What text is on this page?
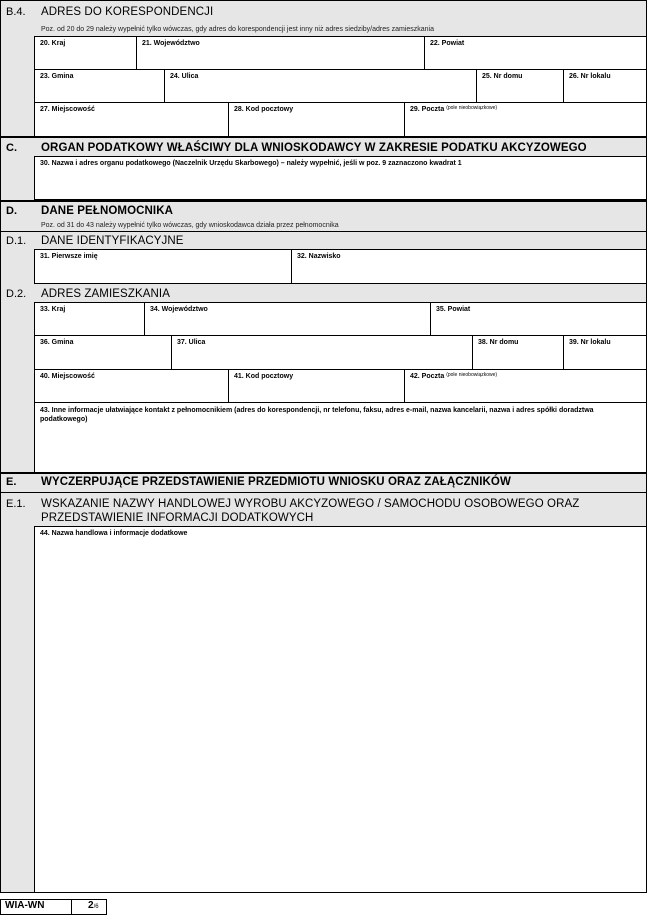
B.4. ADRES DO KORESPONDENCJI
Poz. od 20 do 29 należy wypełnić tylko wówczas, gdy adres do korespondencji jest inny niż adres siedziby/adres zamieszkania
20. Kraj	21. Województwo	22. Powiat
23. Gmina	24. Ulica	25. Nr domu	26. Nr lokalu
27. Miejscowość	28. Kod pocztowy	29. Poczta $^{(pole nieobowiązkowe)}$
C. ORGAN PODATKOWY WŁAŚCIWY DLA WNIOSKODAWCY W ZAKRESIE PODATKU AKCYZOWEGO
30. Nazwa i adres organu podatkowego (Naczelnik Urzędu Skarbowego) – należy wypełnić, jeśli w poz. 9 zaznaczono kwadrat 1
D. DANE PEŁNOMOCNIKA
Poz. od 31 do 43 należy wypełnić tylko wówczas, gdy wnioskodawca działa przez pełnomocnika
D.1. DANE IDENTYFIKACYJNE
31. Pierwsze imię	32. Nazwisko
D.2. ADRES ZAMIESZKANIA
33. Kraj	34. Województwo	35. Powiat
36. Gmina	37. Ulica	38. Nr domu	39. Nr lokalu
40. Miejscowość	41. Kod pocztowy	42. Poczta $^{(pole nieobowiązkowe)}$
43. Inne informacje ułatwiające kontakt z pełnomocnikiem (adres do korespondencji, nr telefonu, faksu, adres e-mail, nazwa kancelarii, nazwa i adres spółki doradztwa podatkowego)
E. WYCZERPUJĄCE PRZEDSTAWIENIE PRZEDMIOTU WNIOSKU ORAZ ZAŁĄCZNIKÓW
E.1. WSKAZANIE NAZWY HANDLOWEJ WYROBU AKCYZOWEGO / SAMOCHODU OSOBOWEGO ORAZ
PRZEDSTAWIENIE INFORMACJI DODATKOWYCH
44. Nazwa handlowa i informacje dodatkowe
WIA-WN	2/6
